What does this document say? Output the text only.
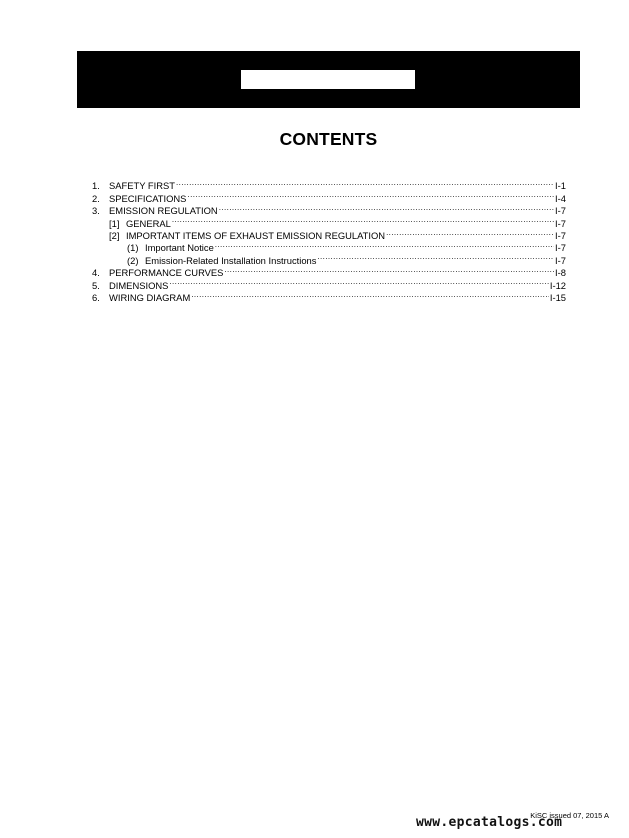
CONTENTS
1. SAFETY FIRST .....	I-1
2. SPECIFICATIONS .....	I-4
3. EMISSION REGULATION .....	I-7
[1] GENERAL .....	I-7
[2] IMPORTANT ITEMS OF EXHAUST EMISSION REGULATION .....	I-7
(1) Important Notice .....	I-7
(2) Emission-Related Installation Instructions .....	I-7
4. PERFORMANCE CURVES .....	I-8
5. DIMENSIONS .....	I-12
6. WIRING DIAGRAM .....	I-15
KiSC issued 07, 2015 A
www.epcatalogs.com
